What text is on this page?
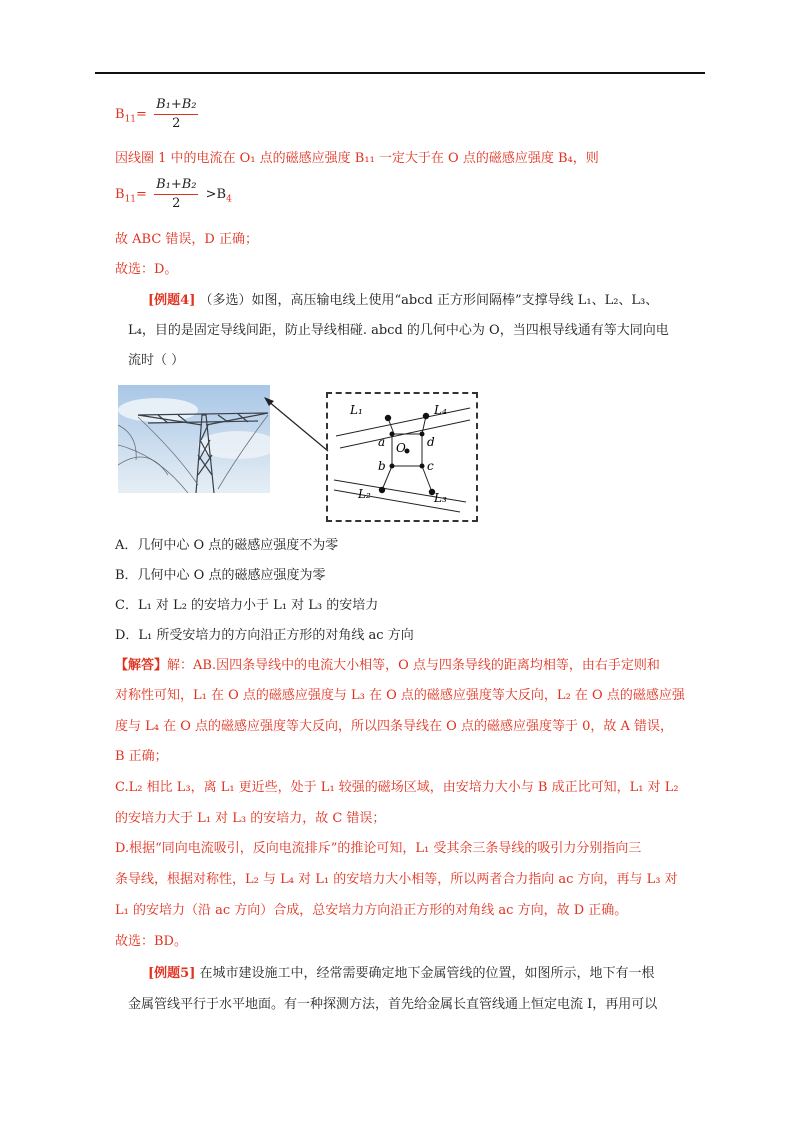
$B_{11}= \frac{\text{B₁+B₂}}{2}$
因线圈 1 中的电流在 O₁ 点的磁感应强度 B₁₁ 一定大于在 O 点的磁感应强度 B₄，则
$B_{11}= \frac{\text{B₁+B₂}}{2} >B_4$
故 ABC 错误，D 正确；
故选：D。
[例题4] （多选）如图，高压输电线上使用“abcd 正方形间隔棒”支撑导线 L₁、L₂、L₃、
L₄，目的是固定导线间距，防止导线相碰. abcd 的几何中心为 O，当四根导线通有等大同向电
流时（ ）
L₁	L₄
L₂	L₃
a
b	c
d
O
A．几何中心 O 点的磁感应强度不为零
B．几何中心 O 点的磁感应强度为零
C．L₁ 对 L₂ 的安培力小于 L₁ 对 L₃ 的安培力
D．L₁ 所受安培力的方向沿正方形的对角线 ac 方向
【解答】解：AB.因四条导线中的电流大小相等，O 点与四条导线的距离均相等，由右手定则和
对称性可知，L₁ 在 O 点的磁感应强度与 L₃ 在 O 点的磁感应强度等大反向，L₂ 在 O 点的磁感应强
度与 L₄ 在 O 点的磁感应强度等大反向，所以四条导线在 O 点的磁感应强度等于 0，故 A 错误，
B 正确；
C.L₂ 相比 L₃，离 L₁ 更近些，处于 L₁ 较强的磁场区域，由安培力大小与 B 成正比可知，L₁ 对 L₂
的安培力大于 L₁ 对 L₃ 的安培力，故 C 错误；
D.根据“同向电流吸引，反向电流排斥”的推论可知，L₁ 受其余三条导线的吸引力分别指向三
条导线，根据对称性，L₂ 与 L₄ 对 L₁ 的安培力大小相等，所以两者合力指向 ac 方向，再与 L₃ 对
L₁ 的安培力（沿 ac 方向）合成，总安培力方向沿正方形的对角线 ac 方向，故 D 正确。
故选：BD。
[例题5] 在城市建设施工中，经常需要确定地下金属管线的位置，如图所示，地下有一根
金属管线平行于水平地面。有一种探测方法，首先给金属长直管线通上恒定电流 I，再用可以
